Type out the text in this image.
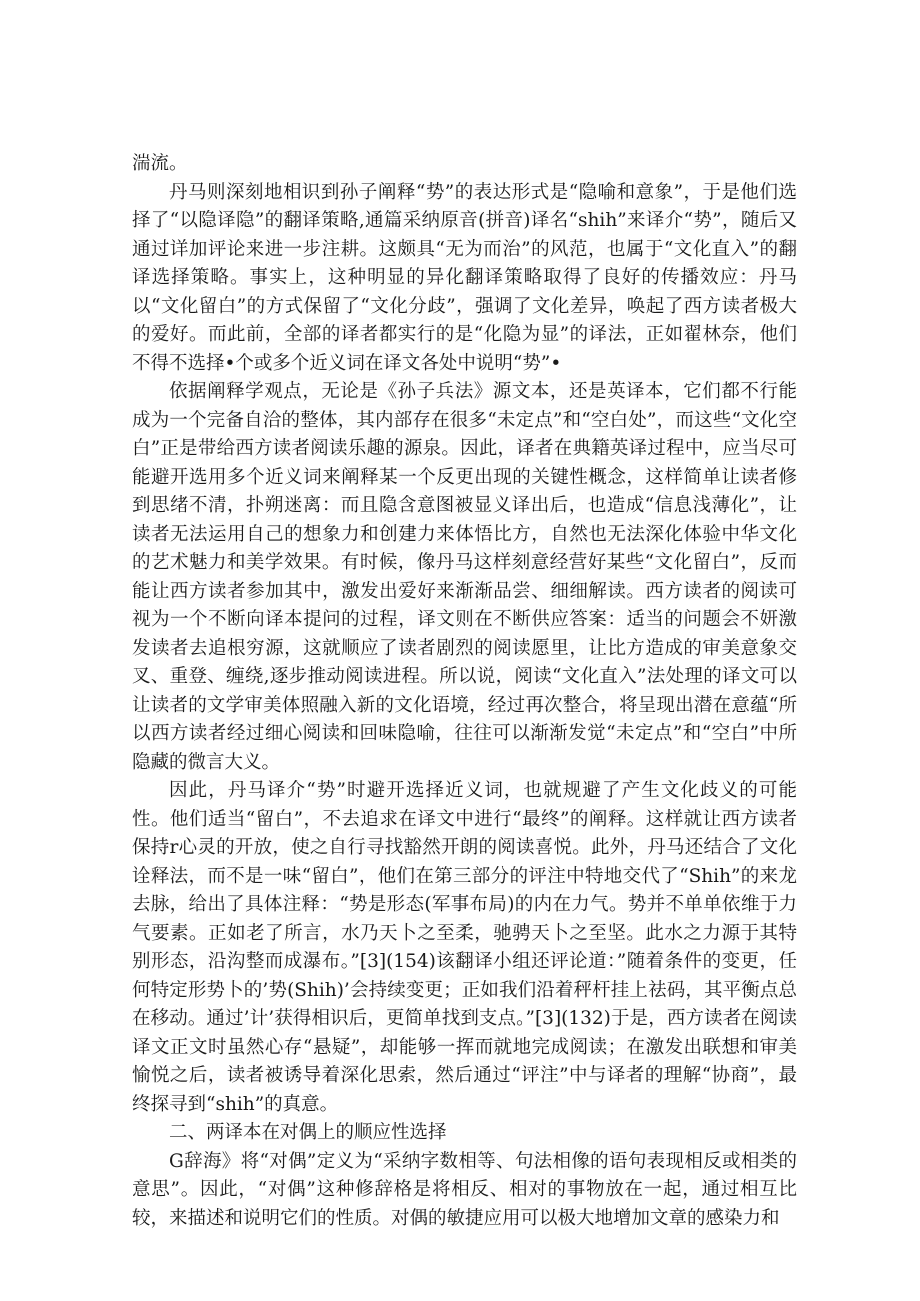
湍流。

丹马则深刻地相识到孙子阐释“势”的表达形式是“隐喻和意象”，于是他们选择了“以隐译隐”的翻译策略,通篇采纳原音(拼音)译名“shih”来译介“势”，随后又通过详加评论来进一步注耕。这颇具“无为而治”的风范，也属于“文化直入”的翻译选择策略。事实上，这种明显的异化翻译策略取得了良好的传播效应：丹马以“文化留白”的方式保留了“文化分歧”，强调了文化差异，唤起了西方读者极大的爱好。而此前，全部的译者都实行的是“化隐为显”的译法，正如翟林奈，他们不得不选择•个或多个近义词在译文各处中说明“势”•

依据阐释学观点，无论是《孙子兵法》源文本，还是英译本，它们都不行能成为一个完备自洽的整体，其内部存在很多“未定点”和“空白处”，而这些“文化空白”正是带给西方读者阅读乐趣的源泉。因此，译者在典籍英译过程中，应当尽可能避开选用多个近义词来阐释某一个反更出现的关键性概念，这样简单让读者修到思绪不清，扑朔迷离：而且隐含意图被显义译出后，也造成“信息浅薄化”，让读者无法运用自己的想象力和创建力来体悟比方，自然也无法深化体验中华文化的艺术魅力和美学效果。有时候，像丹马这样刻意经营好某些“文化留白”，反而能让西方读者参加其中，激发出爱好来渐渐品尝、细细解读。西方读者的阅读可视为一个不断向译本提问的过程，译文则在不断供应答案：适当的问题会不妍激发读者去追根穷源，这就顺应了读者剧烈的阅读愿里，让比方造成的审美意象交叉、重登、缠绕,逐步推动阅读进程。所以说，阅读“文化直入”法处理的译文可以让读者的文学审美体照融入新的文化语境，经过再次整合，将呈现出潜在意蕴“所以西方读者经过细心阅读和回味隐喻，往往可以渐渐发觉“未定点”和“空白”中所隐藏的微言大义。

因此，丹马译介“势”时避开选择近义词，也就规避了产生文化歧义的可能性。他们适当“留白”，不去追求在译文中进行“最终”的阐释。这样就让西方读者保持r心灵的开放，使之自行寻找豁然开朗的阅读喜悦。此外，丹马还结合了文化诠释法，而不是一味“留白”，他们在第三部分的评注中特地交代了“Shih”的来龙去脉，给出了具体注释：“势是形态(军事布局)的内在力气。势并不单单依维于力气要素。正如老了所言，水乃天卜之至柔，驰骋天卜之至坚。此水之力源于其特别形态，沿沟整而成瀑布。”[3](154)该翻译小组还评论道：”随着条件的变更，任何特定形势卜的’势(Shih)’会持续变更；正如我们沿着秤杆挂上祛码，其平衡点总在移动。通过’计’获得相识后，更简单找到支点。”[3](132)于是，西方读者在阅读译文正文时虽然心存“悬疑”，却能够一挥而就地完成阅读；在激发出联想和审美愉悦之后，读者被诱导着深化思索，然后通过“评注”中与译者的理解“协商”，最终探寻到“shih”的真意。

二、两译本在对偶上的顺应性选择

G辞海》将“对偶”定义为“采纳字数相等、句法相像的语句表现相反或相类的意思”。因此，“对偶”这种修辞格是将相反、相对的事物放在一起，通过相互比较，来描述和说明它们的性质。对偶的敏捷应用可以极大地增加文章的感染力和
